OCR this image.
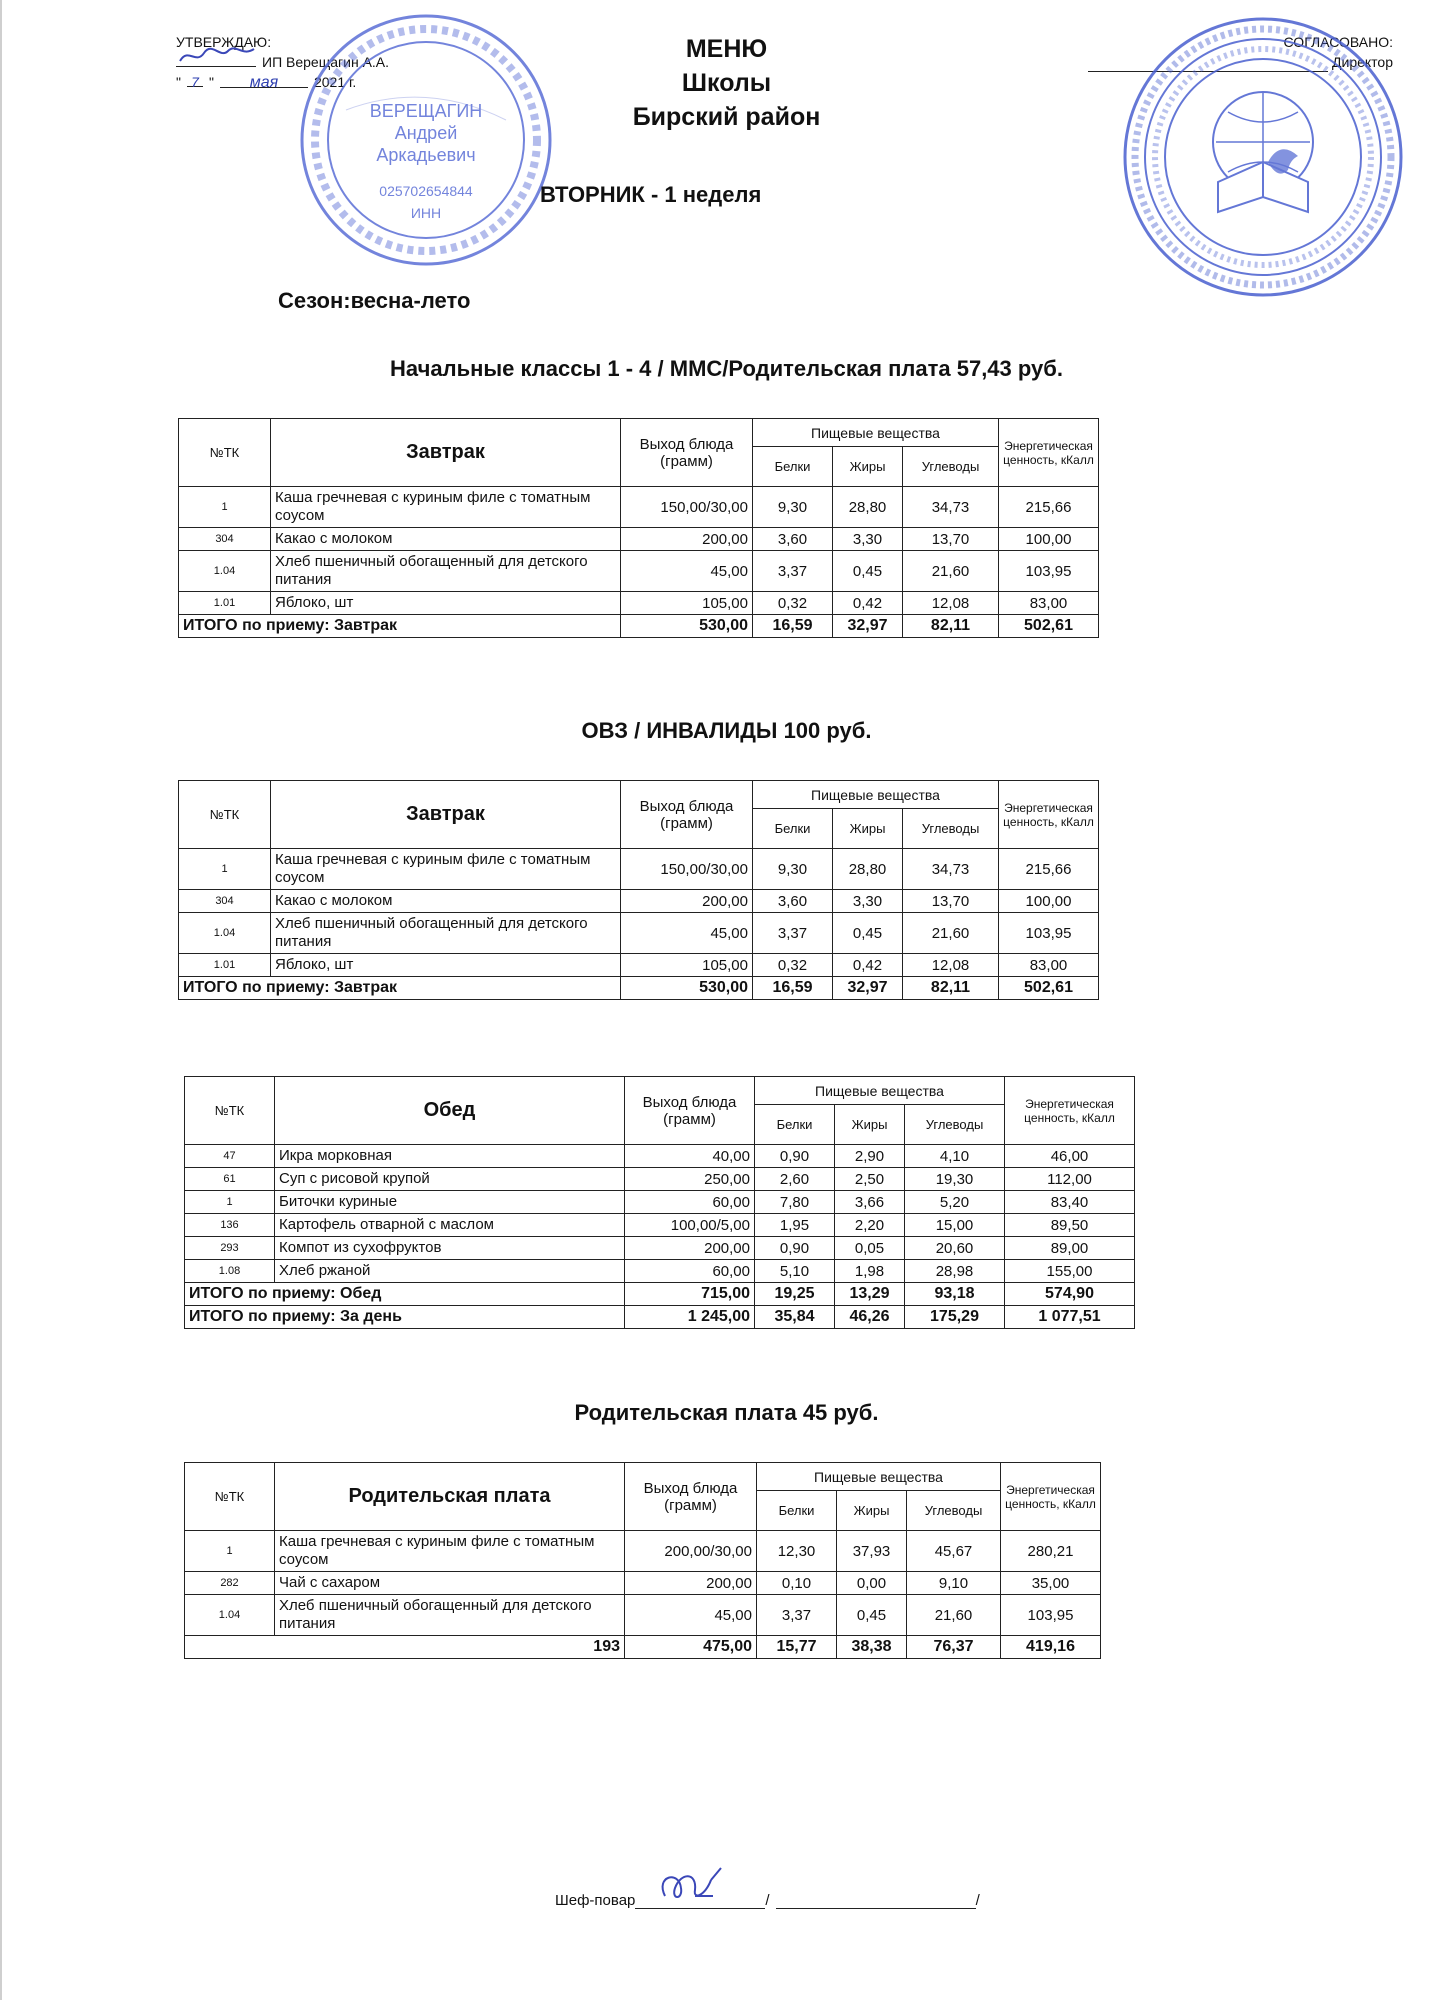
УТВЕРЖДАЮ:
ИП Верещагин А.А.
" 7 "	мая	2021 г.
ВЕРЕЩАГИН
Андрей
Аркадьевич
025702654844
ИНН
МЕНЮ
Школы
Бирский район
СОГЛАСОВАНО:
Директор
ВТОРНИК - 1 неделя
Сезон:весна-лето
Начальные классы 1 - 4 / ММС/Родительская плата 57,43 руб.
№ТК	Завтрак	Выход блюда (грамм)	Пищевые вещества			Энергетическая ценность, кКалл
			Белки	Жиры	Углеводы	
1	Каша гречневая с куриным филе с томатным соусом	150,00/30,00	9,30	28,80	34,73	215,66
304	Какао с молоком	200,00	3,60	3,30	13,70	100,00
1.04	Хлеб пшеничный обогащенный для детского питания	45,00	3,37	0,45	21,60	103,95
1.01	Яблоко, шт	105,00	0,32	0,42	12,08	83,00
ИТОГО по приему: Завтрак		530,00	16,59	32,97	82,11	502,61
ОВЗ / ИНВАЛИДЫ 100 руб.
№ТК	Завтрак	Выход блюда (грамм)	Пищевые вещества			Энергетическая ценность, кКалл
			Белки	Жиры	Углеводы	
1	Каша гречневая с куриным филе с томатным соусом	150,00/30,00	9,30	28,80	34,73	215,66
304	Какао с молоком	200,00	3,60	3,30	13,70	100,00
1.04	Хлеб пшеничный обогащенный для детского питания	45,00	3,37	0,45	21,60	103,95
1.01	Яблоко, шт	105,00	0,32	0,42	12,08	83,00
ИТОГО по приему: Завтрак		530,00	16,59	32,97	82,11	502,61
№ТК	Обед	Выход блюда (грамм)	Пищевые вещества			Энергетическая ценность, кКалл
			Белки	Жиры	Углеводы	
47	Икра морковная	40,00	0,90	2,90	4,10	46,00
61	Суп с рисовой крупой	250,00	2,60	2,50	19,30	112,00
1	Биточки куриные	60,00	7,80	3,66	5,20	83,40
136	Картофель отварной с маслом	100,00/5,00	1,95	2,20	15,00	89,50
293	Компот из сухофруктов	200,00	0,90	0,05	20,60	89,00
1.08	Хлеб ржаной	60,00	5,10	1,98	28,98	155,00
ИТОГО по приему: Обед		715,00	19,25	13,29	93,18	574,90
ИТОГО по приему: За день		1 245,00	35,84	46,26	175,29	1 077,51
Родительская плата 45 руб.
№ТК	Родительская плата	Выход блюда (грамм)	Пищевые вещества			Энергетическая ценность, кКалл
			Белки	Жиры	Углеводы	
1	Каша гречневая с куриным филе с томатным соусом	200,00/30,00	12,30	37,93	45,67	280,21
282	Чай с сахаром	200,00	0,10	0,00	9,10	35,00
1.04	Хлеб пшеничный обогащенный для детского питания	45,00	3,37	0,45	21,60	103,95
193		475,00	15,77	38,38	76,37	419,16
Шеф-повар	/	/
